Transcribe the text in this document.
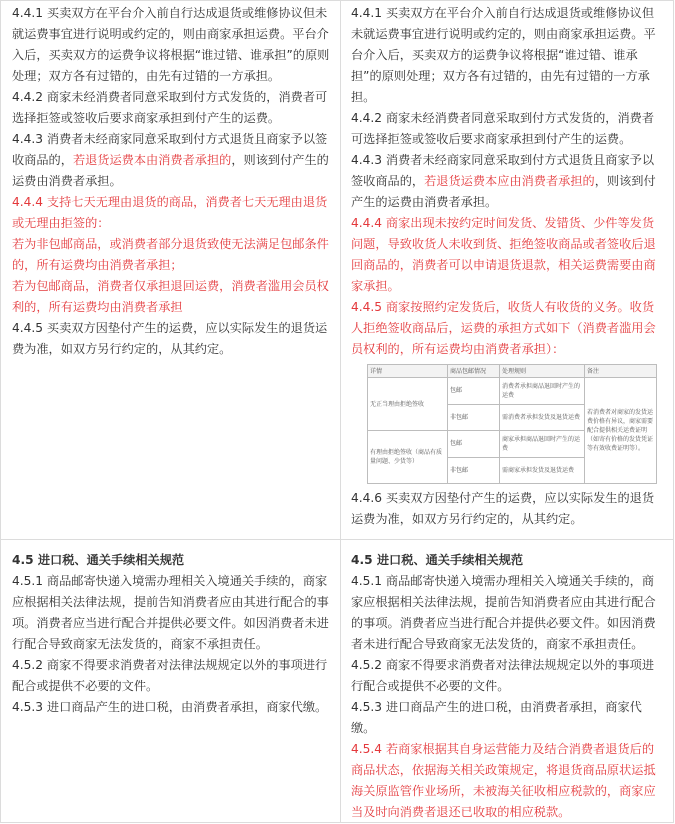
4.4.1 买卖双方在平台介入前自行达成退货或维修协议但未就运费事宜进行说明或约定的，则由商家承担运费。平台介入后，买卖双方的运费争议将根据“谁过错、谁承担”的原则处理；双方各有过错的，由先有过错的一方承担。

4.4.2 商家未经消费者同意采取到付方式发货的，消费者可选择拒签或签收后要求商家承担到付产生的运费。

4.4.3 消费者未经商家同意采取到付方式退货且商家予以签收商品的，若退货运费本由消费者承担的，则该到付产生的运费由消费者承担。

4.4.4 支持七天无理由退货的商品，消费者七天无理由退货或无理由拒签的：

若为非包邮商品，或消费者部分退货致使无法满足包邮条件的，所有运费均由消费者承担；

若为包邮商品，消费者仅承担退回运费，消费者滥用会员权利的，所有运费均由消费者承担

4.4.5 买卖双方因垫付产生的运费，应以实际发生的退货运费为准，如双方另行约定的，从其约定。

4.4.1 买卖双方在平台介入前自行达成退货或维修协议但未就运费事宜进行说明或约定的，则由商家承担运费。平台介入后，买卖双方的运费争议将根据“谁过错、谁承担”的原则处理；双方各有过错的，由先有过错的一方承担。

4.4.2 商家未经消费者同意采取到付方式发货的，消费者可选择拒签或签收后要求商家承担到付产生的运费。

4.4.3 消费者未经商家同意采取到付方式退货且商家予以签收商品的，若退货运费本应由消费者承担的，则该到付产生的运费由消费者承担。

4.4.4 商家出现未按约定时间发货、发错货、少件等发货问题，导致收货人未收到货、拒绝签收商品或者签收后退回商品的，消费者可以申请退货退款，相关运费需要由商家承担。

4.4.5 商家按照约定发货后，收货人有收货的义务。收货人拒绝签收商品后，运费的承担方式如下（消费者滥用会员权利的，所有运费均由消费者承担）：

详情	商品包邮情况	处理规则	备注
无正当理由拒绝签收	包邮	消费者承担商品退回时产生的运费	若消费者对商家的发货运费价格有异议，商家需要配合提供相关运费证明（如寄有价格的发货凭证等有效收费证明等）。
	非包邮	需消费者承担发货及退货运费	
有理由拒绝签收（商品有质量问题、少货等）	包邮	商家承担商品退回时产生的运费	
	非包邮	需商家承担发货及退货运费	

4.4.6 买卖双方因垫付产生的运费，应以实际发生的退货运费为准，如双方另行约定的，从其约定。

4.5 进口税、通关手续相关规范

4.5.1 商品邮寄快递入境需办理相关入境通关手续的，商家应根据相关法律法规，提前告知消费者应由其进行配合的事项。消费者应当进行配合并提供必要文件。如因消费者未进行配合导致商家无法发货的，商家不承担责任。

4.5.2 商家不得要求消费者对法律法规规定以外的事项进行配合或提供不必要的文件。

4.5.3 进口商品产生的进口税，由消费者承担，商家代缴。

4.5 进口税、通关手续相关规范

4.5.1 商品邮寄快递入境需办理相关入境通关手续的，商家应根据相关法律法规，提前告知消费者应由其进行配合的事项。消费者应当进行配合并提供必要文件。如因消费者未进行配合导致商家无法发货的，商家不承担责任。

4.5.2 商家不得要求消费者对法律法规规定以外的事项进行配合或提供不必要的文件。

4.5.3 进口商品产生的进口税，由消费者承担，商家代缴。

4.5.4 若商家根据其自身运营能力及结合消费者退货后的商品状态，依据海关相关政策规定，将退货商品原状运抵海关原监管作业场所，未被海关征收相应税款的，商家应当及时向消费者退还已收取的相应税款。
